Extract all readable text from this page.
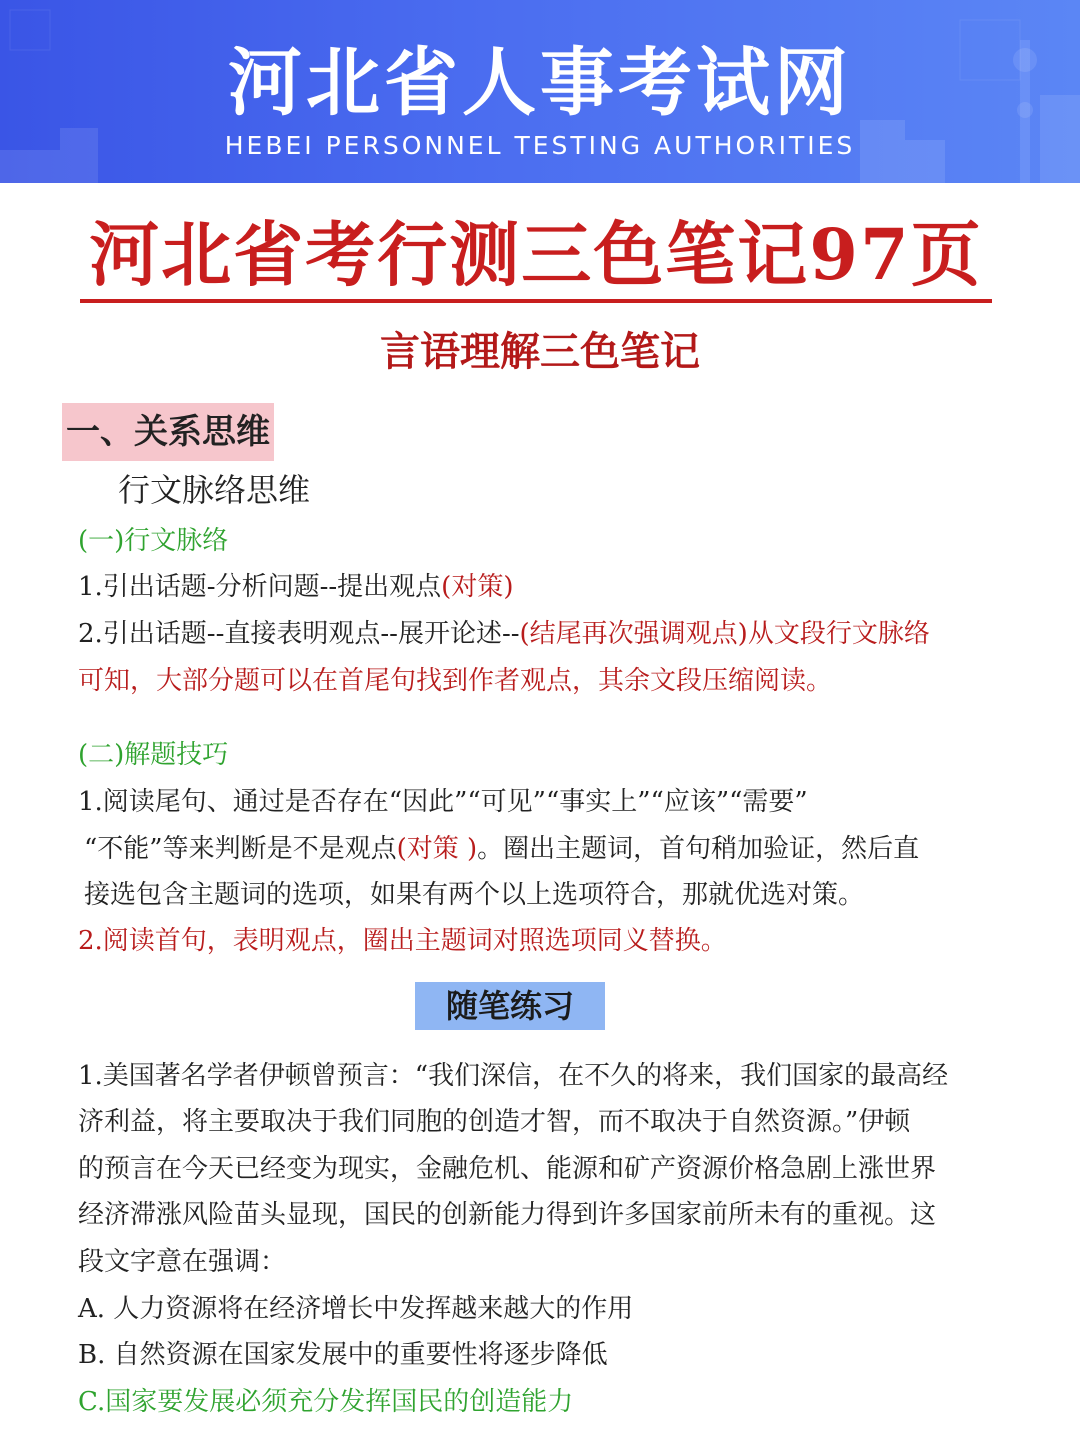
河北省人事考试网
HEBEI PERSONNEL TESTING AUTHORITIES
河北省考行测三色笔记97页
言语理解三色笔记
一、关系思维
行文脉络思维
(一)行文脉络
1.引出话题-分析问题--提出观点(对策)
2.引出话题--直接表明观点--展开论述--(结尾再次强调观点)从文段行文脉络
可知，大部分题可以在首尾句找到作者观点，其余文段压缩阅读。
(二)解题技巧
1.阅读尾句、通过是否存在“因此”“可见”“事实上”“应该”“需要”
“不能”等来判断是不是观点(对策 )。圈出主题词，首句稍加验证，然后直
接选包含主题词的选项，如果有两个以上选项符合，那就优选对策。
2.阅读首句，表明观点，圈出主题词对照选项同义替换。
随笔练习
1.美国著名学者伊顿曾预言：“我们深信，在不久的将来，我们国家的最高经
济利益，将主要取决于我们同胞的创造才智，而不取决于自然资源。”伊顿
的预言在今天已经变为现实，金融危机、能源和矿产资源价格急剧上涨世界
经济滞涨风险苗头显现，国民的创新能力得到许多国家前所未有的重视。这
段文字意在强调：
A. 人力资源将在经济增长中发挥越来越大的作用
B. 自然资源在国家发展中的重要性将逐步降低
C.国家要发展必须充分发挥国民的创造能力
